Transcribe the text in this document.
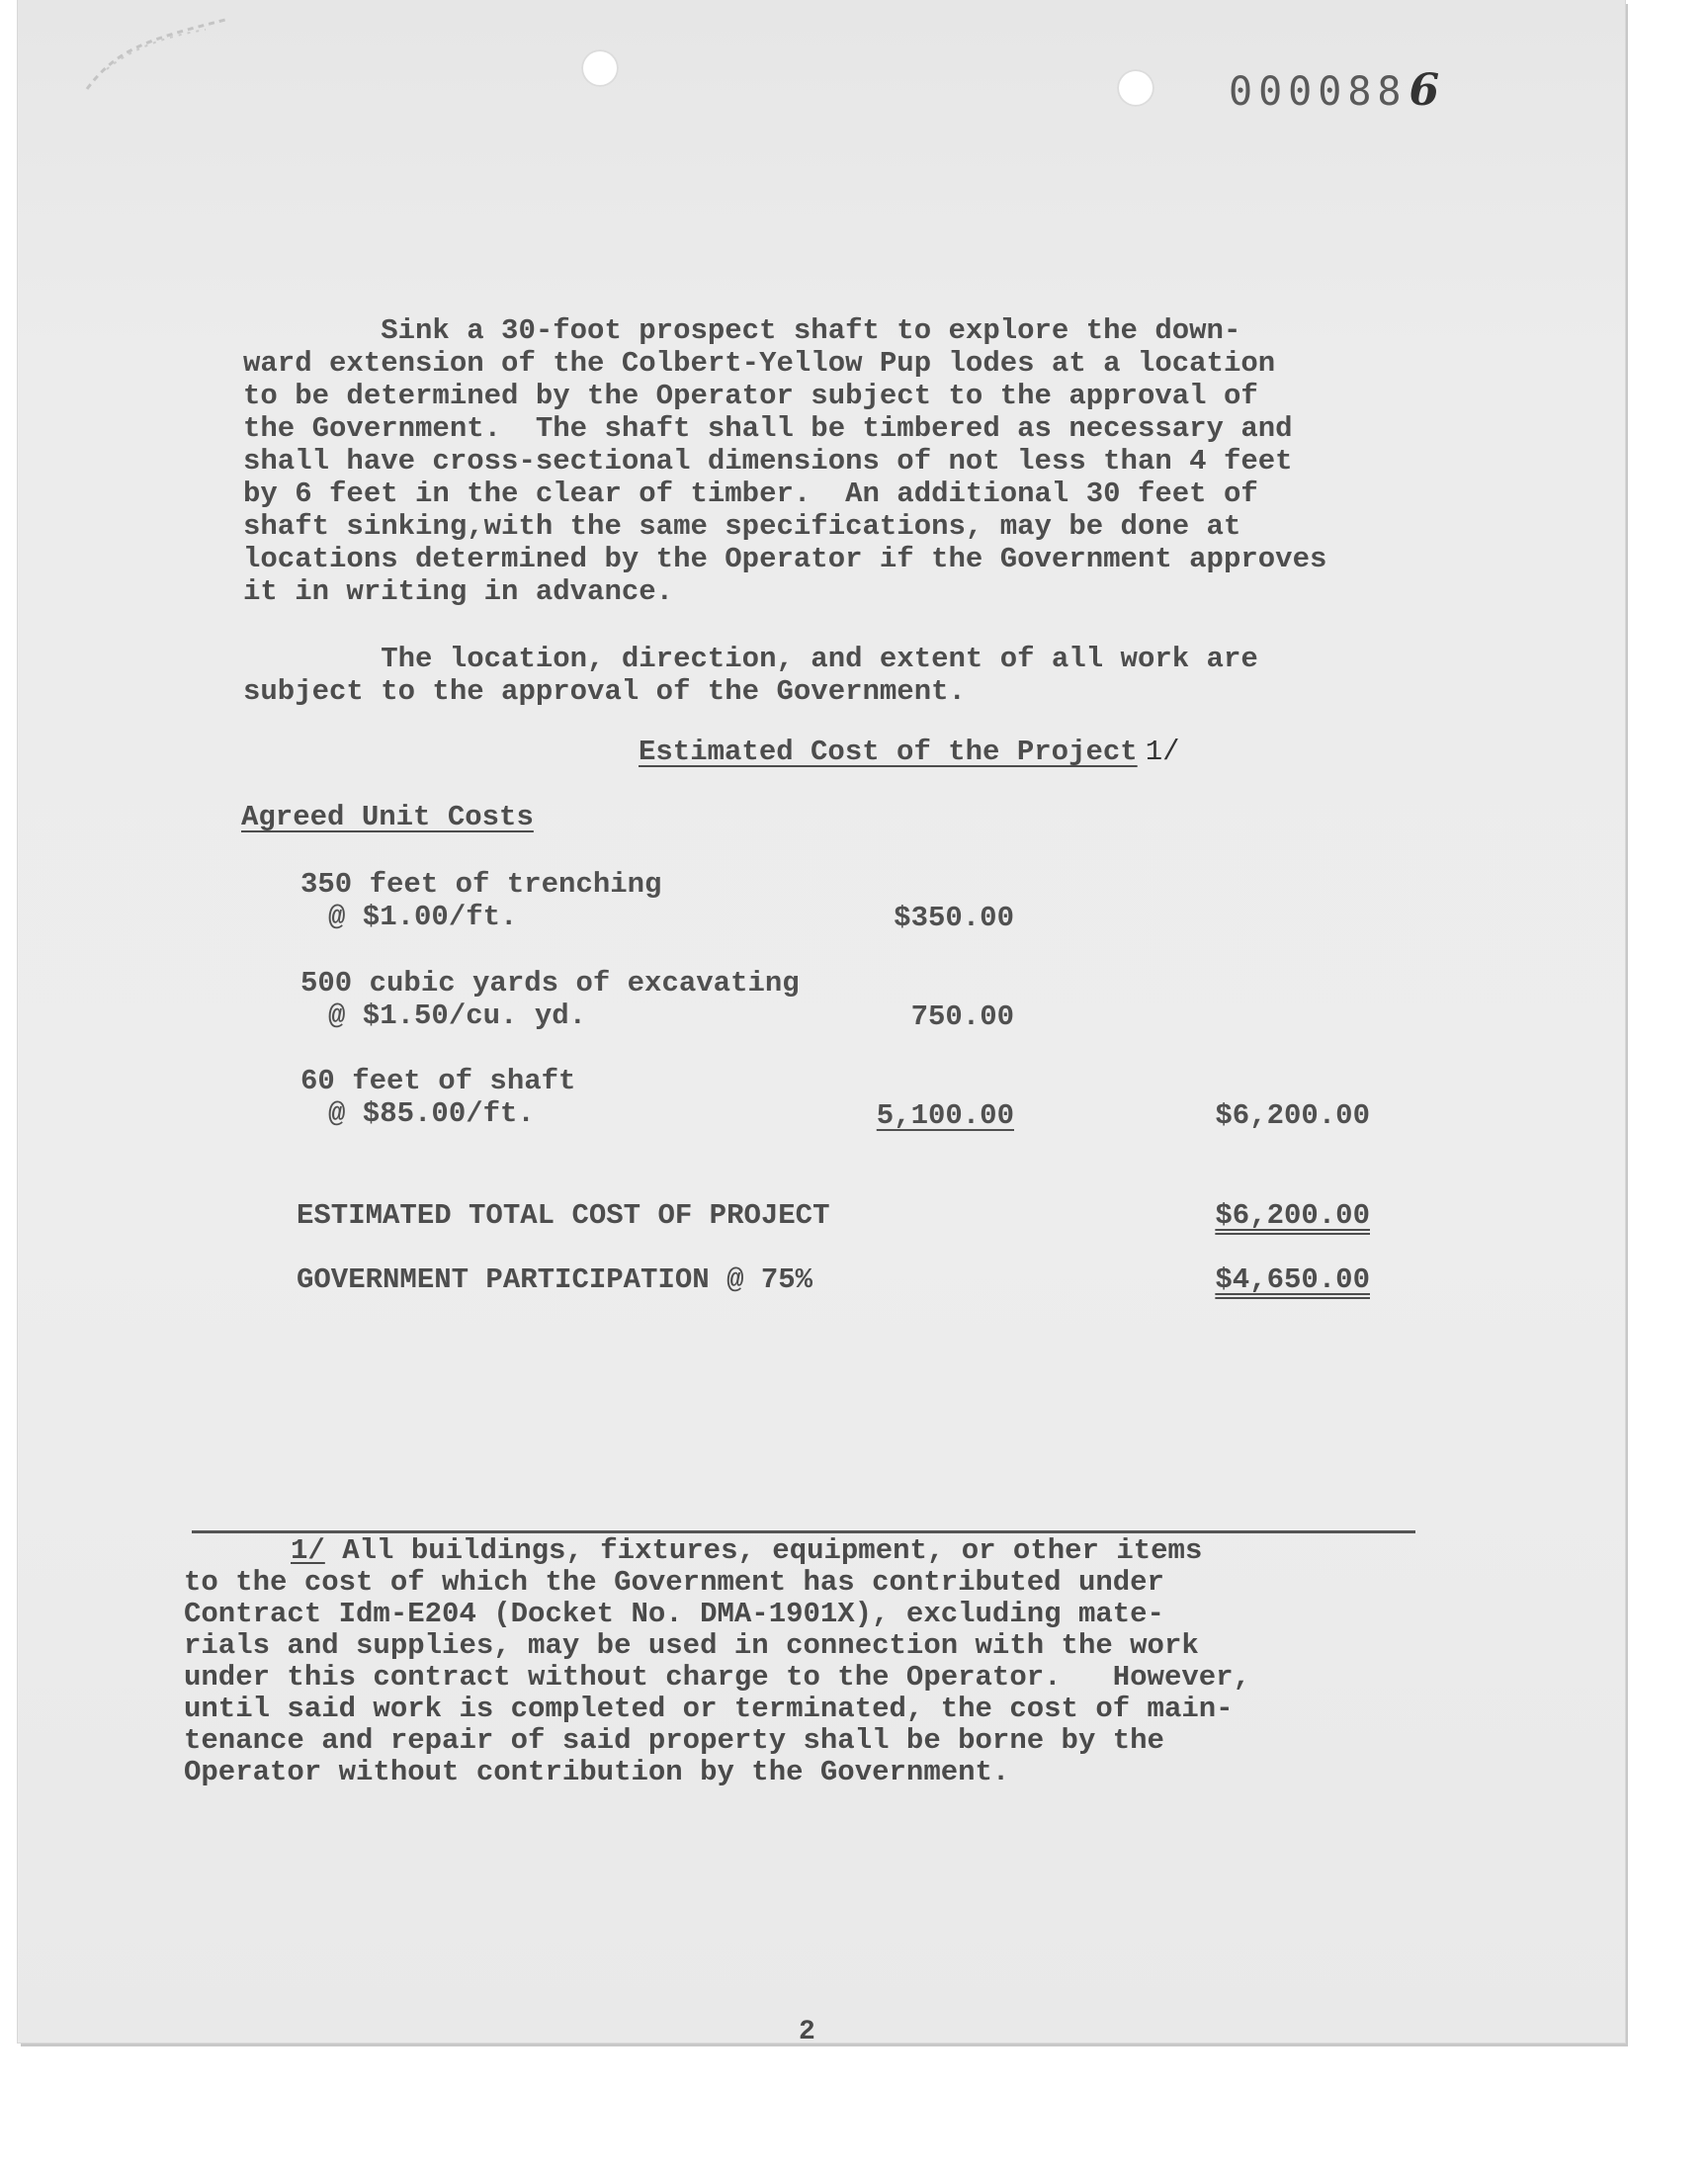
0000886
Sink a 30-foot prospect shaft to explore the down-
ward extension of the Colbert-Yellow Pup lodes at a location
to be determined by the Operator subject to the approval of
the Government.  The shaft shall be timbered as necessary and
shall have cross-sectional dimensions of not less than 4 feet
by 6 feet in the clear of timber.  An additional 30 feet of
shaft sinking,with the same specifications, may be done at
locations determined by the Operator if the Government approves
it in writing in advance.
The location, direction, and extent of all work are
subject to the approval of the Government.
Estimated Cost of the Project 1/
Agreed Unit Costs
350 feet of trenching
@ $1.00/ft.	$350.00
500 cubic yards of excavating
@ $1.50/cu. yd.	750.00
60 feet of shaft
@ $85.00/ft.	5,100.00	$6,200.00
ESTIMATED TOTAL COST OF PROJECT	$6,200.00
GOVERNMENT PARTICIPATION @ 75%	$4,650.00
1/ All buildings, fixtures, equipment, or other items
to the cost of which the Government has contributed under
Contract Idm-E204 (Docket No. DMA-1901X), excluding mate-
rials and supplies, may be used in connection with the work
under this contract without charge to the Operator.   However,
until said work is completed or terminated, the cost of main-
tenance and repair of said property shall be borne by the
Operator without contribution by the Government.
2
